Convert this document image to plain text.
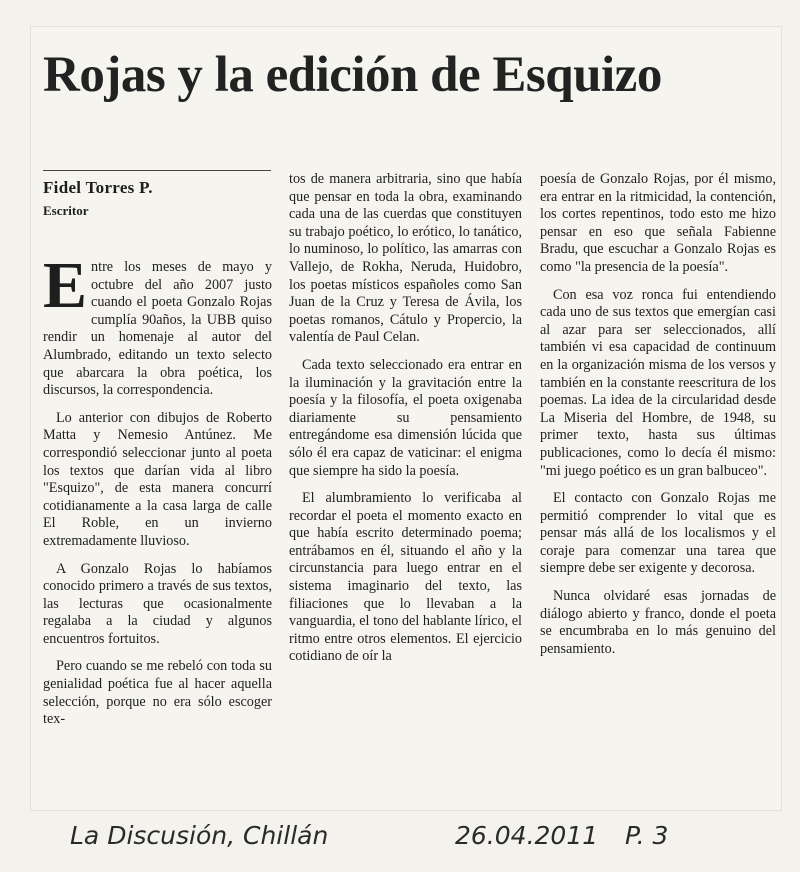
Rojas y la edición de Esquizo
Fidel Torres P.
Escritor

Entre los meses de mayo y octubre del año 2007 justo cuando el poeta Gonzalo Rojas cumplía 90años, la UBB quiso rendir un homenaje al autor del Alumbrado, editando un texto selecto que abarcara la obra poética, los discursos, la correspondencia.

Lo anterior con dibujos de Roberto Matta y Nemesio Antúnez. Me correspondió seleccionar junto al poeta los textos que darían vida al libro "Esquizo", de esta manera concurrí cotidianamente a la casa larga de calle El Roble, en un invierno extremadamente lluvioso.

A Gonzalo Rojas lo habíamos conocido primero a través de sus textos, las lecturas que ocasionalmente regalaba a la ciudad y algunos encuentros fortuitos.

Pero cuando se me rebeló con toda su genialidad poética fue al hacer aquella selección, porque no era sólo escoger tex-

tos de manera arbitraria, sino que había que pensar en toda la obra, examinando cada una de las cuerdas que constituyen su trabajo poético, lo erótico, lo tanático, lo numinoso, lo político, las amarras con Vallejo, de Rokha, Neruda, Huidobro, los poetas místicos españoles como San Juan de la Cruz y Teresa de Ávila, los poetas romanos, Cátulo y Propercio, la valentía de Paul Celan.

Cada texto seleccionado era entrar en la iluminación y la gravitación entre la poesía y la filosofía, el poeta oxigenaba diariamente su pensamiento entregándome esa dimensión lúcida que sólo él era capaz de vaticinar: el enigma que siempre ha sido la poesía.

El alumbramiento lo verificaba al recordar el poeta el momento exacto en que había escrito determinado poema; entrábamos en él, situando el año y la circunstancia para luego entrar en el sistema imaginario del texto, las filiaciones que lo llevaban a la vanguardia, el tono del hablante lírico, el ritmo entre otros elementos. El ejercicio cotidiano de oír la

poesía de Gonzalo Rojas, por él mismo, era entrar en la ritmicidad, la contención, los cortes repentinos, todo esto me hizo pensar en eso que señala Fabienne Bradu, que escuchar a Gonzalo Rojas es como "la presencia de la poesía".

Con esa voz ronca fui entendiendo cada uno de sus textos que emergían casi al azar para ser seleccionados, allí también vi esa capacidad de continuum en la organización misma de los versos y también en la constante reescritura de los poemas. La idea de la circularidad desde La Miseria del Hombre, de 1948, su primer texto, hasta sus últimas publicaciones, como lo decía él mismo: "mi juego poético es un gran balbuceo".

El contacto con Gonzalo Rojas me permitió comprender lo vital que es pensar más allá de los localismos y el coraje para comenzar una tarea que siempre debe ser exigente y decorosa.

Nunca olvidaré esas jornadas de diálogo abierto y franco, donde el poeta se encumbraba en lo más genuino del pensamiento.

La Discusión, Chillán	26.04.2011 P. 3
